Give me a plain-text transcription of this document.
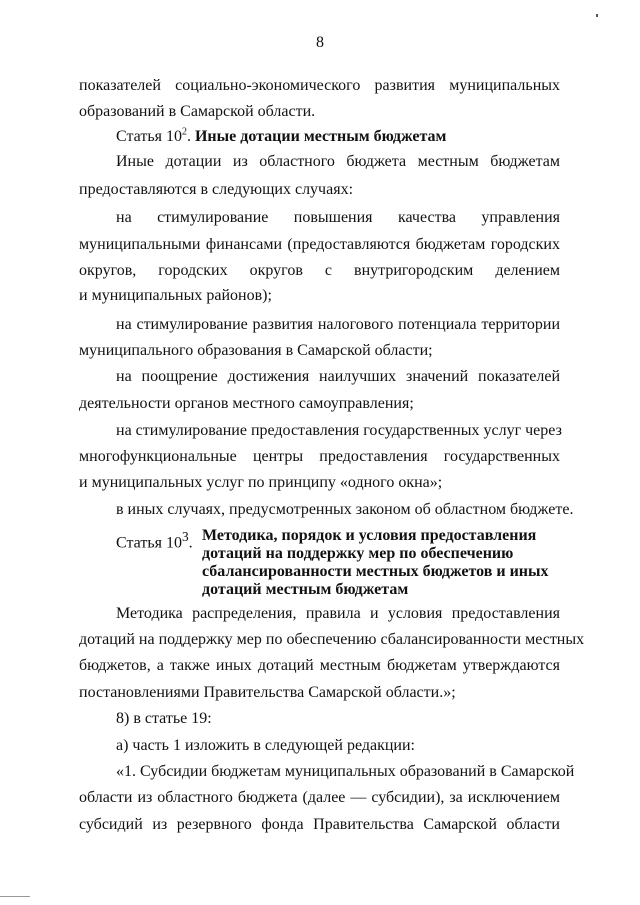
8
показателей социально-экономического развития муниципальных
образований в Самарской области.
Иные дотации из областного бюджета местным бюджетам
предоставляются в следующих случаях:
на стимулирование повышения качества управления
муниципальными финансами (предоставляются бюджетам городских
округов, городских округов с внутригородским делением
и муниципальных районов);
на стимулирование развития налогового потенциала территории
муниципального образования в Самарской области;
на поощрение достижения наилучших значений показателей
деятельности органов местного самоуправления;
на стимулирование предоставления государственных услуг через
многофункциональные центры предоставления государственных
и муниципальных услуг по принципу «одного окна»;
в иных случаях, предусмотренных законом об областном бюджете.
Методика распределения, правила и условия предоставления
дотаций на поддержку мер по обеспечению сбалансированности местных
бюджетов, а также иных дотаций местным бюджетам утверждаются
постановлениями Правительства Самарской области.»;
8) в статье 19:
а) часть 1 изложить в следующей редакции:
«1. Субсидии бюджетам муниципальных образований в Самарской
области из областного бюджета (далее — субсидии), за исключением
субсидий из резервного фонда Правительства Самарской области
Статья $10^2$. Иные дотации местным бюджетам
Статья $10^3$. Методика, порядок и условия предоставления
дотаций на поддержку мер по обеспечению
сбалансированности местных бюджетов и иных
дотаций местным бюджетам
